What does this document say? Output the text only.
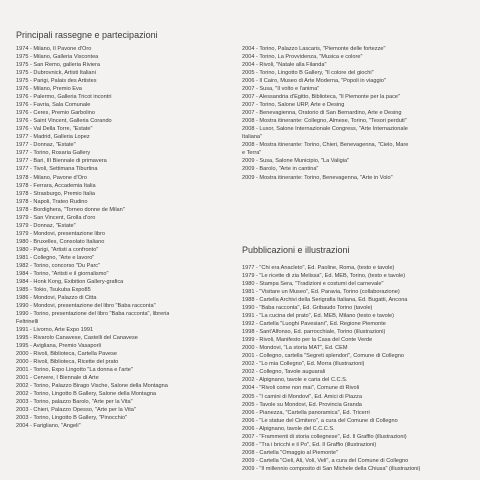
Principali rassegne e partecipazioni
1974 - Milano, Il Pavone d'Oro
1975 - Milano, Galleria Viscontea
1975 - San Remo, galleria Riviera
1975 - Dubrovnick, Artisti Italiani
1975 - Parigi, Palais des Artistes
1976 - Milano, Premio Eva
1976 - Palermo, Galleria Tricot incontri
1976 - Favria, Sala Comunale
1976 - Ceres, Premio Garbolino
1976 - Saint Vincent, Galleria Corando
1976 - Val Della Torre, "Estate"
1977 - Madrid, Galleria Lopez
1977 - Donnaz, "Estate"
1977 - Torino, Rosaria Gallery
1977 - Bari, III Biennale di primavera
1977 - Tivoli, Settimana Tiburtina
1978 - Milano, Pavone d'Oro
1978 - Ferrara, Accademia Italia
1978 - Strasburgo, Premio Italia
1978 - Napoli, Trateo Rudino
1978 - Bordighera, "Torneo donne de Milan"
1979 - San Vincent, Grolla d'oro
1979 - Donnaz, "Estate"
1979 - Mondovi, presentazione libro
1980 - Bruxelles, Consolato Italiano
1980 - Parigi, "Artisti a confronto"
1981 - Collegno, "Arte e lavoro"
1982 - Torino, concorso "Du Parc"
1984 - Torino, "Artisti e il giornalismo"
1984 - Honk Kong, Exibition Gallery-grafica
1985 - Tokio, Tsukuba Expo85
1986 - Mondovi, Palazzo di Citta
1990 - Mondovi, presentazione del libro "Baba racconta"
1990 - Torino, presentazione del libro "Baba racconta", libreria
Feltrinelli
1991 - Livorno, Arte Expo 1991
1995 - Rivarolo Canavese, Castelli del Canavese
1995 - Avigliana, Premio Vasaporli
2000 - Rivoli, Biblioteca, Cartella Pavese
2000 - Rivoli, Biblioteca, Ricette del prato
2001 - Torino, Expo Lingotto "La donna e l'arte"
2001 - Cervere, I Biennale di Arte
2002 - Torino, Palazzo Birago Vische, Salone della Montagna
2002 - Torino, Lingotto B Gallery, Salone della Montagna
2003 - Torino, palazzo Barolo, "Arte per la Vita"
2003 - Chieri, Palazzo Opesso, "Arte per la Vita"
2003 - Torino, Lingotto B Gallery, "Pinocchio"
2004 - Farigliano, "Angeli"
2004 - Torino, Palazzo Lascaris, "Piemonte delle fortezze"
2004 - Torino, La Provvidenza, "Musica e colore"
2004 - Rivoli, "Natale alla Filanda"
2005 - Torino, Lingotto B Gallery, "Il colore del giochi"
2006 - Il Cairo, Museo di Arte Moderna, "Popoli in viaggio"
2007 - Susa, "Il volto e l'anima"
2007 - Alessandria d'Egitto, Biblioteca, "Il Piemonte per la pace"
2007 - Torino, Salone URP, Arte e Desing
2007 - Benevagienna, Oratorio di San Bernardino, Arte e Desing
2008 - Mostra itinerante: Collegno, Almese, Torino, "Tesori perduti"
2008 - Luxor, Salone Internazionale Congress, "Arte Internazionale
Italiana"
2008 - Mostra itinerante: Torino, Chieri, Benevagenna, "Cielo, Mare
e Terra"
2009 - Susa, Salone Municipio, "La Valigia"
2009 - Barolo, "Arte in cantina"
2009 - Mostra itinerante: Torino, Benevagenna, "Arte in Volo"
Pubblicazioni e illustrazioni
1977 - "Chi era Anacleto", Ed. Paoline, Roma, (testo e tavole)
1979 - "Le ricette di zia Melissa", Ed. MEB, Torino, (testo e tavole)
1980 - Stampa Sera, "Tradizioni e costumi del carnevale"
1981 - "Visitare un Museo", Ed. Paravia, Torino (collaborazione)
1988 - Cartella Archivi della Serigrafia Italiana, Ed. Bugatti, Ancona
1990 - "Baba racconta", Ed. Gribaudo Torino (tavole)
1991 - "La cucina del prato", Ed. MEB, Milano (testo e tavole)
1992 - Cartella "Luoghi Pavesiani", Ed. Regione Piemonte
1998 - Sant'Alfonso, Ed. parrocchiale, Torino (illustrazioni)
1999 - Rivoli, Manifesto per la Casa del Conte Verde
2000 - Mondovi, "La storia MAT", Ed. CEM
2001 - Collegno, cartella "Segreti splendori", Comune di Collegno
2002 - "Lo mia Collegno", Ed. Morra (illustrazioni)
2002 - Collegno, Tavole auguarali
2002 - Alpignano, tavole e caria del C.C.S.
2004 - "Rivoli come non mai", Comune di Rivoli
2005 - "I camini di Mondovi", Ed. Amici di Piazza
2005 - Tavole su Mondovi, Ed. Provincia Granda
2006 - Pianezza, "Cartella panoramica", Ed. Tricerri
2006 - "Le statue del Cimitero", a cura del Comune di Collegno
2006 - Alpignano, tavole del C.C.C.S.
2007 - "Frammenti di storia collegnese", Ed. Il Graffio (illustrazioni)
2008 - "Tra i bricchi e il Po", Ed. Il Graffio (illustrazioni)
2008 - Cartella "Omaggio al Piemonte"
2009 - Cartella "Cieli, Ali, Voli, Veli", a cura del Comune di Collegno
2009 - "Il millennio composito di San Michele della Chiusa" (illustrazioni)
